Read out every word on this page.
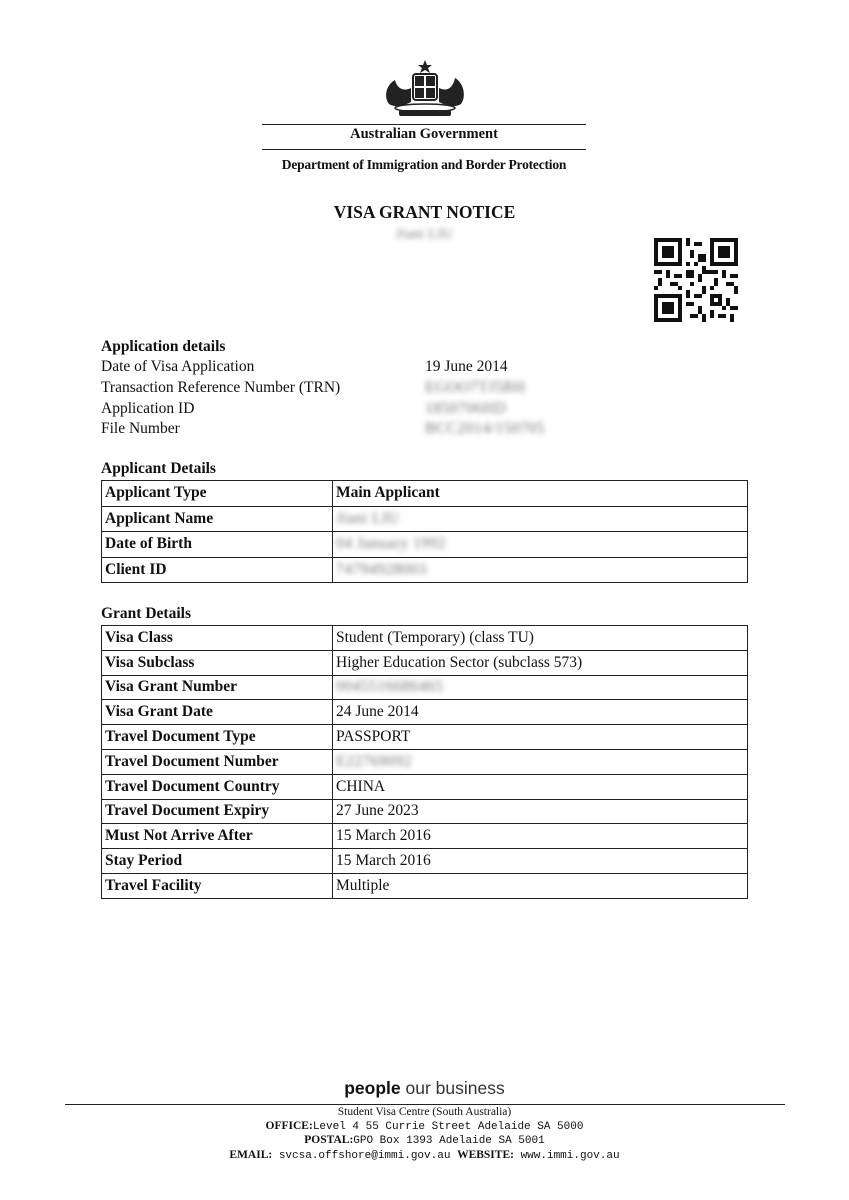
Australian Government
Department of Immigration and Border Protection
VISA GRANT NOTICE
Jiani LIU
Application details
Date of Visa Application	19 June 2014
Transaction Reference Number (TRN)	EGOO7TJ5BH
Application ID	1850706HD
File Number	BCC2014/150705
Applicant Details
Applicant Type	Main Applicant
Applicant Name	Jiani LIU
Date of Birth	04 January 1992
Client ID	74794928003
Grant Details
Visa Class	Student (Temporary) (class TU)
Visa Subclass	Higher Education Sector (subclass 573)
Visa Grant Number	0045516686465
Visa Grant Date	24 June 2014
Travel Document Type	PASSPORT
Travel Document Number	E22769092
Travel Document Country	CHINA
Travel Document Expiry	27 June 2023
Must Not Arrive After	15 March 2016
Stay Period	15 March 2016
Travel Facility	Multiple
people our business
Student Visa Centre (South Australia)
OFFICE:Level 4 55 Currie Street Adelaide SA 5000
POSTAL:GPO Box 1393 Adelaide SA 5001
EMAIL: svcsa.offshore@immi.gov.au WEBSITE: www.immi.gov.au
